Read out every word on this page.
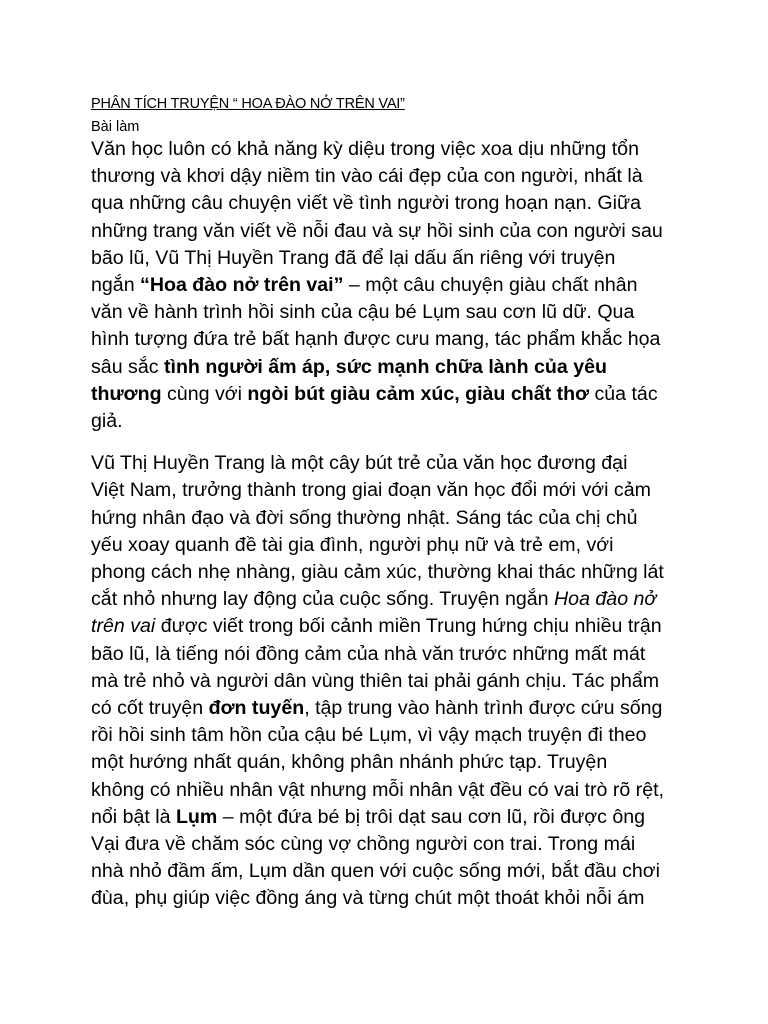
PHÂN TÍCH TRUYỆN “ HOA ĐÀO NỞ TRÊN VAI”

Bài làm

Văn học luôn có khả năng kỳ diệu trong việc xoa dịu những tổn
thương và khơi dậy niềm tin vào cái đẹp của con người, nhất là
qua những câu chuyện viết về tình người trong hoạn nạn. Giữa
những trang văn viết về nỗi đau và sự hồi sinh của con người sau
bão lũ, Vũ Thị Huyền Trang đã để lại dấu ấn riêng với truyện
ngắn “Hoa đào nở trên vai” – một câu chuyện giàu chất nhân
văn về hành trình hồi sinh của cậu bé Lụm sau cơn lũ dữ. Qua
hình tượng đứa trẻ bất hạnh được cưu mang, tác phẩm khắc họa
sâu sắc tình người ấm áp, sức mạnh chữa lành của yêu
thương cùng với ngòi bút giàu cảm xúc, giàu chất thơ của tác
giả.

Vũ Thị Huyền Trang là một cây bút trẻ của văn học đương đại
Việt Nam, trưởng thành trong giai đoạn văn học đổi mới với cảm
hứng nhân đạo và đời sống thường nhật. Sáng tác của chị chủ
yếu xoay quanh đề tài gia đình, người phụ nữ và trẻ em, với
phong cách nhẹ nhàng, giàu cảm xúc, thường khai thác những lát
cắt nhỏ nhưng lay động của cuộc sống. Truyện ngắn Hoa đào nở
trên vai được viết trong bối cảnh miền Trung hứng chịu nhiều trận
bão lũ, là tiếng nói đồng cảm của nhà văn trước những mất mát
mà trẻ nhỏ và người dân vùng thiên tai phải gánh chịu. Tác phẩm
có cốt truyện đơn tuyến, tập trung vào hành trình được cứu sống
rồi hồi sinh tâm hồn của cậu bé Lụm, vì vậy mạch truyện đi theo
một hướng nhất quán, không phân nhánh phức tạp. Truyện
không có nhiều nhân vật nhưng mỗi nhân vật đều có vai trò rõ rệt,
nổi bật là Lụm – một đứa bé bị trôi dạt sau cơn lũ, rồi được ông
Vại đưa về chăm sóc cùng vợ chồng người con trai. Trong mái
nhà nhỏ đầm ấm, Lụm dần quen với cuộc sống mới, bắt đầu chơi
đùa, phụ giúp việc đồng áng và từng chút một thoát khỏi nỗi ám
